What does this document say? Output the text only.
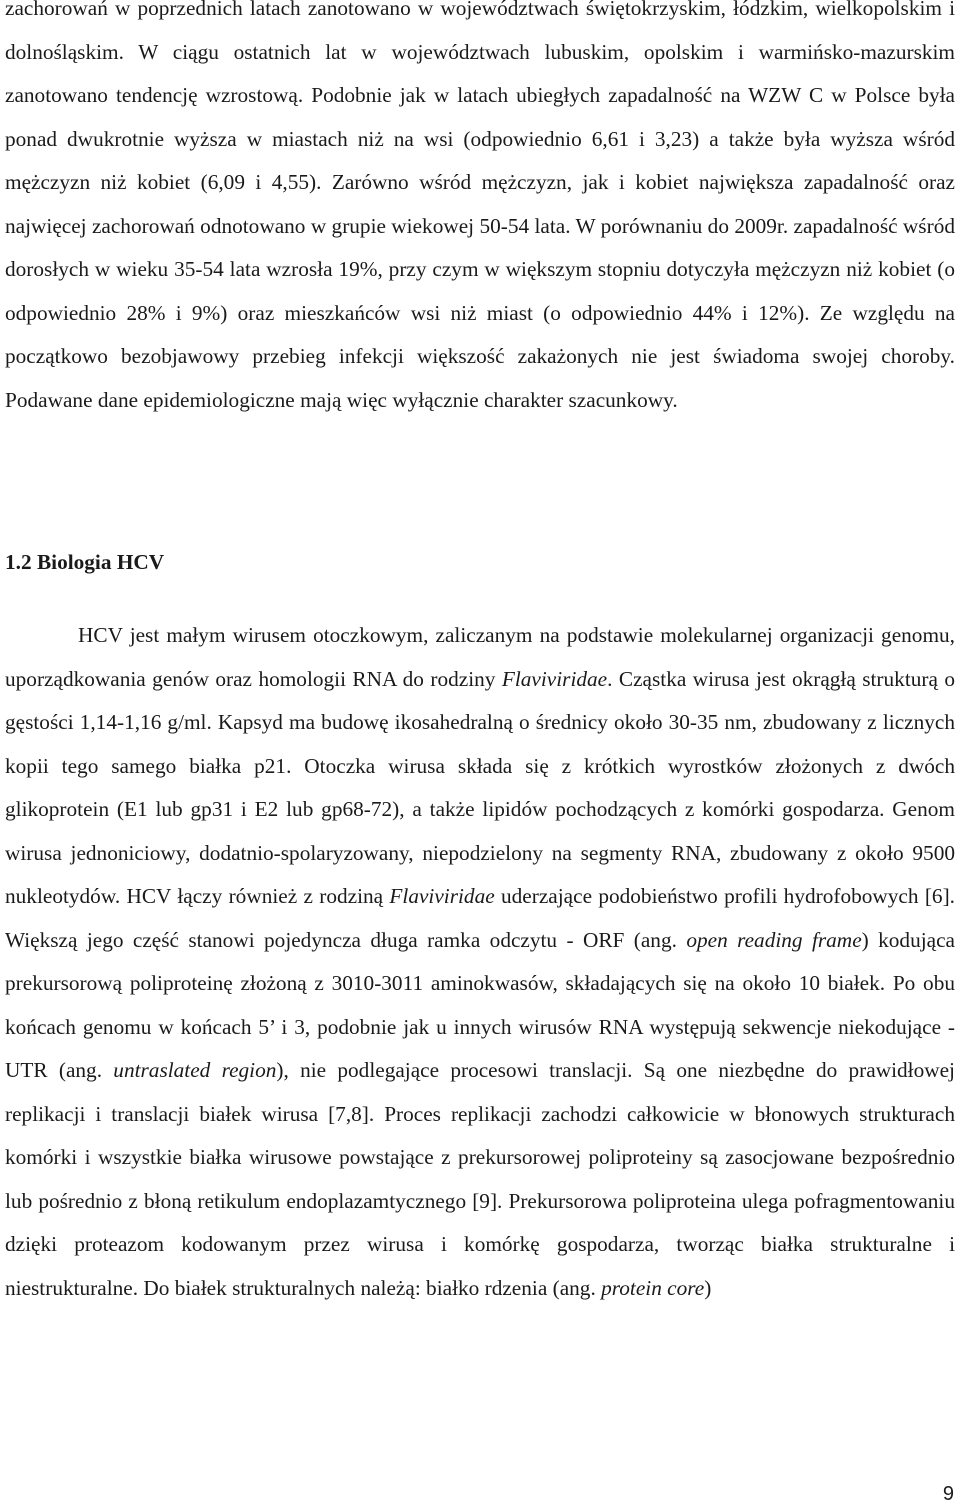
zachorowań w poprzednich latach zanotowano w województwach świętokrzyskim, łódzkim, wielkopolskim i dolnośląskim. W ciągu ostatnich lat w województwach lubuskim, opolskim i warmińsko-mazurskim zanotowano tendencję wzrostową. Podobnie jak w latach ubiegłych zapadalność na WZW C w Polsce była ponad dwukrotnie wyższa w miastach niż na wsi (odpowiednio 6,61 i 3,23) a także była wyższa wśród mężczyzn niż kobiet (6,09 i 4,55). Zarówno wśród mężczyzn, jak i kobiet największa zapadalność oraz najwięcej zachorowań odnotowano w grupie wiekowej 50-54 lata. W porównaniu do 2009r. zapadalność wśród dorosłych w wieku 35-54 lata wzrosła 19%, przy czym w większym stopniu dotyczyła mężczyzn niż kobiet (o odpowiednio 28% i 9%) oraz mieszkańców wsi niż miast (o odpowiednio 44% i 12%). Ze względu na początkowo bezobjawowy przebieg infekcji większość zakażonych nie jest świadoma swojej choroby. Podawane dane epidemiologiczne mają więc wyłącznie charakter szacunkowy.

1.2 Biologia HCV

HCV jest małym wirusem otoczkowym, zaliczanym na podstawie molekularnej organizacji genomu, uporządkowania genów oraz homologii RNA do rodziny Flaviviridae. Cząstka wirusa jest okrągłą strukturą o gęstości 1,14-1,16 g/ml. Kapsyd ma budowę ikosahedralną o średnicy około 30-35 nm, zbudowany z licznych kopii tego samego białka p21. Otoczka wirusa składa się z krótkich wyrostków złożonych z dwóch glikoprotein (E1 lub gp31 i E2 lub gp68-72), a także lipidów pochodzących z komórki gospodarza. Genom wirusa jednoniciowy, dodatnio-spolaryzowany, niepodzielony na segmenty RNA, zbudowany z około 9500 nukleotydów. HCV łączy również z rodziną Flaviviridae uderzające podobieństwo profili hydrofobowych [6]. Większą jego część stanowi pojedyncza długa ramka odczytu - ORF (ang. open reading frame) kodująca prekursorową poliproteinę złożoną z 3010-3011 aminokwasów, składających się na około 10 białek. Po obu końcach genomu w końcach 5’ i 3, podobnie jak u innych wirusów RNA występują sekwencje niekodujące - UTR (ang. untraslated region), nie podlegające procesowi translacji. Są one niezbędne do prawidłowej replikacji i translacji białek wirusa [7,8]. Proces replikacji zachodzi całkowicie w błonowych strukturach komórki i wszystkie białka wirusowe powstające z prekursorowej poliproteiny są zasocjowane bezpośrednio lub pośrednio z błoną retikulum endoplazamtycznego [9]. Prekursorowa poliproteina ulega pofragmentowaniu dzięki proteazom kodowanym przez wirusa i komórkę gospodarza, tworząc białka strukturalne i niestrukturalne. Do białek strukturalnych należą: białko rdzenia (ang. protein core)

9
